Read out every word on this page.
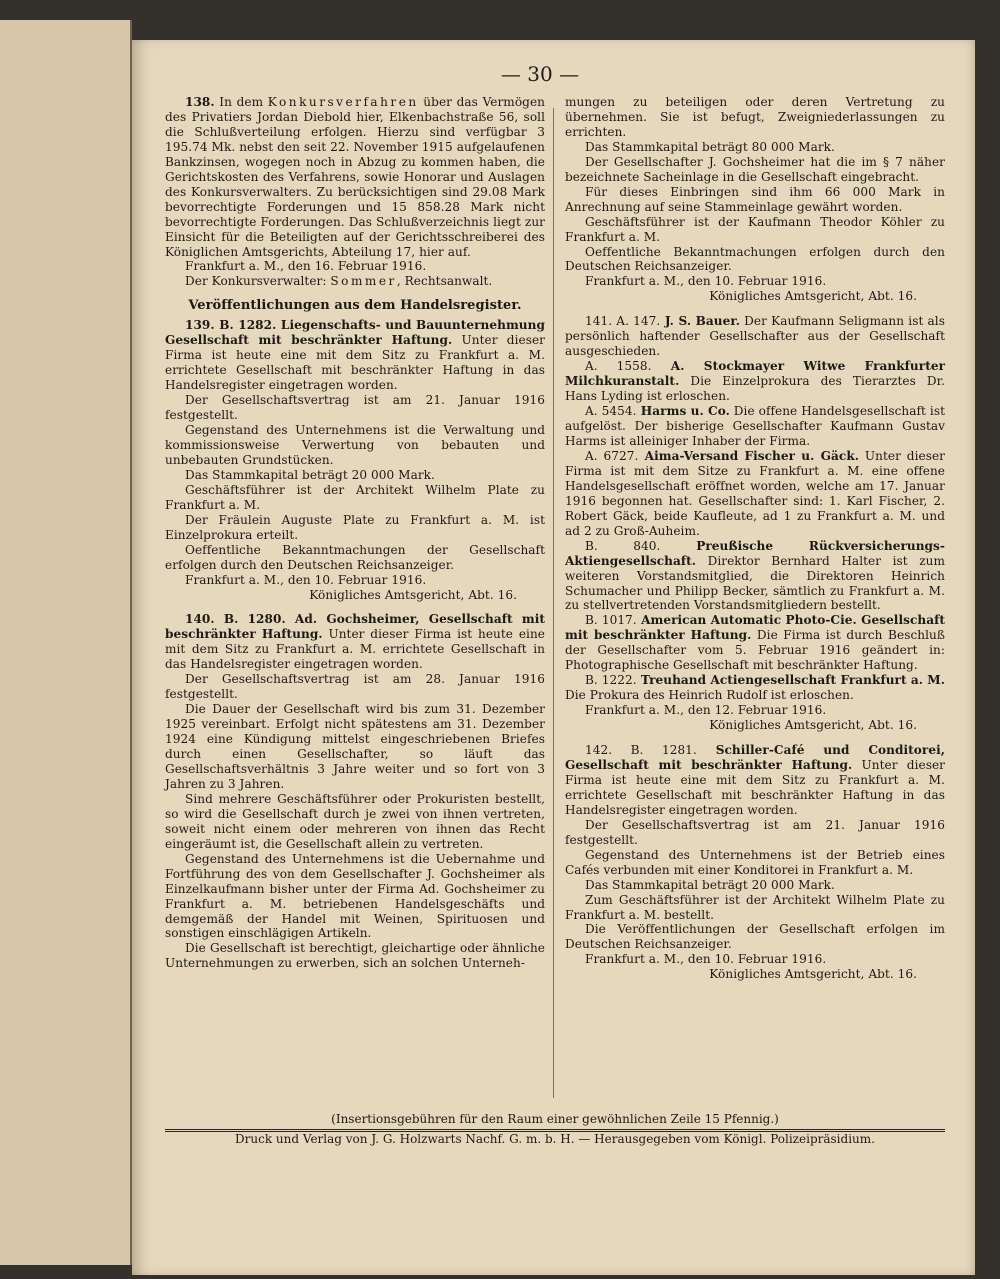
— 30 —

138. In dem Konkursverfahren über das Vermögen des Privatiers Jordan Diebold hier, Elkenbachstraße 56, soll die Schlußverteilung erfolgen. Hierzu sind verfügbar 3 195.74 Mk. nebst den seit 22. November 1915 aufgelaufenen Bankzinsen, wogegen noch in Abzug zu kommen haben, die Gerichtskosten des Verfahrens, sowie Honorar und Auslagen des Konkursverwalters. Zu berücksichtigen sind 29.08 Mark bevorrechtigte Forderungen und 15 858.28 Mark nicht bevorrechtigte Forderungen. Das Schlußverzeichnis liegt zur Einsicht für die Beteiligten auf der Gerichtsschreiberei des Königlichen Amtsgerichts, Abteilung 17, hier auf.

Frankfurt a. M., den 16. Februar 1916.

Der Konkursverwalter: Sommer, Rechtsanwalt.

Veröffentlichungen aus dem Handelsregister.

139. B. 1282. Liegenschafts- und Bauunternehmung Gesellschaft mit beschränkter Haftung. Unter dieser Firma ist heute eine mit dem Sitz zu Frankfurt a. M. errichtete Gesellschaft mit beschränkter Haftung in das Handelsregister eingetragen worden.

Der Gesellschaftsvertrag ist am 21. Januar 1916 festgestellt.

Gegenstand des Unternehmens ist die Verwaltung und kommissionsweise Verwertung von bebauten und unbebauten Grundstücken.

Das Stammkapital beträgt 20 000 Mark.

Geschäftsführer ist der Architekt Wilhelm Plate zu Frankfurt a. M.

Der Fräulein Auguste Plate zu Frankfurt a. M. ist Einzelprokura erteilt.

Oeffentliche Bekanntmachungen der Gesellschaft erfolgen durch den Deutschen Reichsanzeiger.

Frankfurt a. M., den 10. Februar 1916.

Königliches Amtsgericht, Abt. 16.

140. B. 1280. Ad. Gochsheimer, Gesellschaft mit beschränkter Haftung. Unter dieser Firma ist heute eine mit dem Sitz zu Frankfurt a. M. errichtete Gesellschaft in das Handelsregister eingetragen worden.

Der Gesellschaftsvertrag ist am 28. Januar 1916 festgestellt.

Die Dauer der Gesellschaft wird bis zum 31. Dezember 1925 vereinbart. Erfolgt nicht spätestens am 31. Dezember 1924 eine Kündigung mittelst eingeschriebenen Briefes durch einen Gesellschafter, so läuft das Gesellschaftsverhältnis 3 Jahre weiter und so fort von 3 Jahren zu 3 Jahren.

Sind mehrere Geschäftsführer oder Prokuristen bestellt, so wird die Gesellschaft durch je zwei von ihnen vertreten, soweit nicht einem oder mehreren von ihnen das Recht eingeräumt ist, die Gesellschaft allein zu vertreten.

Gegenstand des Unternehmens ist die Uebernahme und Fortführung des von dem Gesellschafter J. Gochsheimer als Einzelkaufmann bisher unter der Firma Ad. Gochsheimer zu Frankfurt a. M. betriebenen Handelsgeschäfts und demgemäß der Handel mit Weinen, Spirituosen und sonstigen einschlägigen Artikeln.

Die Gesellschaft ist berechtigt, gleichartige oder ähnliche Unternehmungen zu erwerben, sich an solchen Unterneh-

mungen zu beteiligen oder deren Vertretung zu übernehmen. Sie ist befugt, Zweigniederlassungen zu errichten.

Das Stammkapital beträgt 80 000 Mark.

Der Gesellschafter J. Gochsheimer hat die im § 7 näher bezeichnete Sacheinlage in die Gesellschaft eingebracht.

Für dieses Einbringen sind ihm 66 000 Mark in Anrechnung auf seine Stammeinlage gewährt worden.

Geschäftsführer ist der Kaufmann Theodor Köhler zu Frankfurt a. M.

Oeffentliche Bekanntmachungen erfolgen durch den Deutschen Reichsanzeiger.

Frankfurt a. M., den 10. Februar 1916.

Königliches Amtsgericht, Abt. 16.

141. A. 147. J. S. Bauer. Der Kaufmann Seligmann ist als persönlich haftender Gesellschafter aus der Gesellschaft ausgeschieden.

A. 1558. A. Stockmayer Witwe Frankfurter Milchkuranstalt. Die Einzelprokura des Tierarztes Dr. Hans Lyding ist erloschen.

A. 5454. Harms u. Co. Die offene Handelsgesellschaft ist aufgelöst. Der bisherige Gesellschafter Kaufmann Gustav Harms ist alleiniger Inhaber der Firma.

A. 6727. Aima-Versand Fischer u. Gäck. Unter dieser Firma ist mit dem Sitze zu Frankfurt a. M. eine offene Handelsgesellschaft eröffnet worden, welche am 17. Januar 1916 begonnen hat. Gesellschafter sind: 1. Karl Fischer, 2. Robert Gäck, beide Kaufleute, ad 1 zu Frankfurt a. M. und ad 2 zu Groß-Auheim.

B. 840. Preußische Rückversicherungs-Aktiengesellschaft. Direktor Bernhard Halter ist zum weiteren Vorstandsmitglied, die Direktoren Heinrich Schumacher und Philipp Becker, sämtlich zu Frankfurt a. M. zu stellvertretenden Vorstandsmitgliedern bestellt.

B. 1017. American Automatic Photo-Cie. Gesellschaft mit beschränkter Haftung. Die Firma ist durch Beschluß der Gesellschafter vom 5. Februar 1916 geändert in: Photographische Gesellschaft mit beschränkter Haftung.

B. 1222. Treuhand Actiengesellschaft Frankfurt a. M. Die Prokura des Heinrich Rudolf ist erloschen.

Frankfurt a. M., den 12. Februar 1916.

Königliches Amtsgericht, Abt. 16.

142. B. 1281. Schiller-Café und Conditorei, Gesellschaft mit beschränkter Haftung. Unter dieser Firma ist heute eine mit dem Sitz zu Frankfurt a. M. errichtete Gesellschaft mit beschränkter Haftung in das Handelsregister eingetragen worden.

Der Gesellschaftsvertrag ist am 21. Januar 1916 festgestellt.

Gegenstand des Unternehmens ist der Betrieb eines Cafés verbunden mit einer Konditorei in Frankfurt a. M.

Das Stammkapital beträgt 20 000 Mark.

Zum Geschäftsführer ist der Architekt Wilhelm Plate zu Frankfurt a. M. bestellt.

Die Veröffentlichungen der Gesellschaft erfolgen im Deutschen Reichsanzeiger.

Frankfurt a. M., den 10. Februar 1916.

Königliches Amtsgericht, Abt. 16.

(Insertionsgebühren für den Raum einer gewöhnlichen Zeile 15 Pfennig.)
Druck und Verlag von J. G. Holzwarts Nachf. G. m. b. H. — Herausgegeben vom Königl. Polizeipräsidium.
